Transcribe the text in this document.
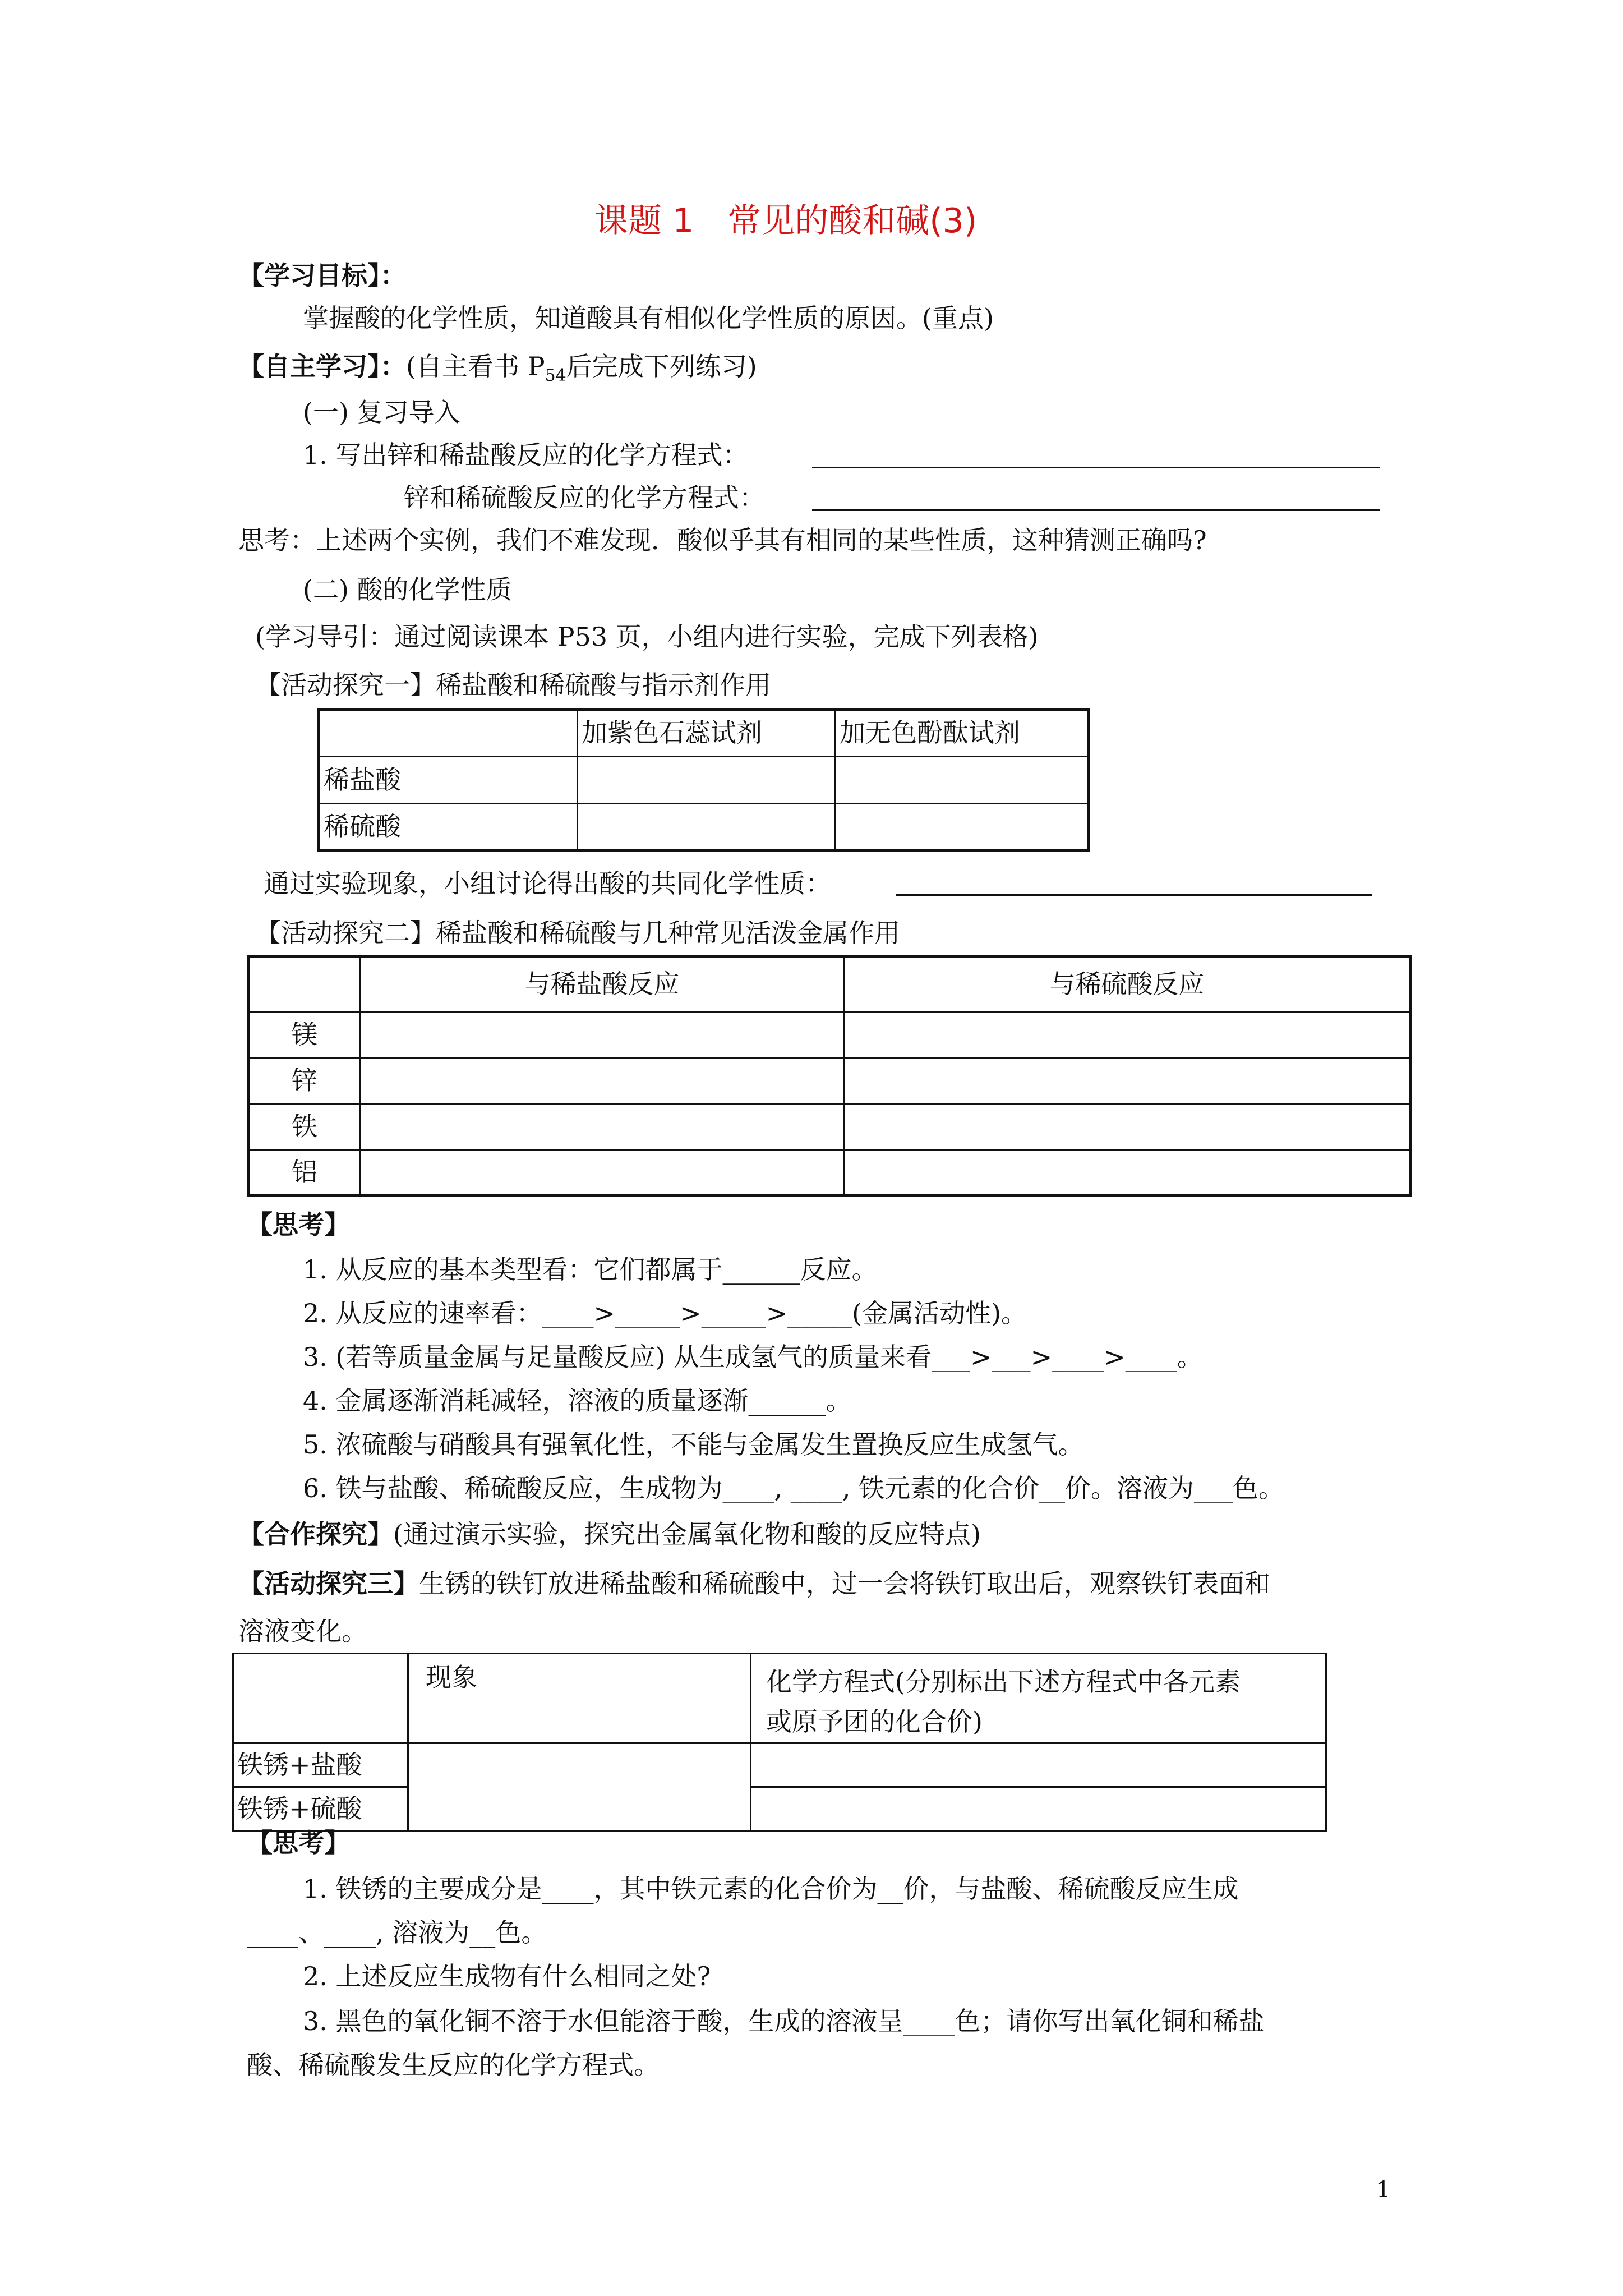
课题 1　常见的酸和碱(3)
【学习目标】：
掌握酸的化学性质，知道酸具有相似化学性质的原因。(重点)
【自主学习】：(自主看书 $P_{54}$后完成下列练习)
(一) 复习导入
1. 写出锌和稀盐酸反应的化学方程式：
锌和稀硫酸反应的化学方程式：
思考：上述两个实例，我们不难发现．酸似乎其有相同的某些性质，这种猜测正确吗?
(二) 酸的化学性质
(学习导引：通过阅读课本 P53 页，小组内进行实验，完成下列表格)
【活动探究一】稀盐酸和稀硫酸与指示剂作用
	加紫色石蕊试剂	加无色酚酞试剂
稀盐酸		
稀硫酸		
通过实验现象，小组讨论得出酸的共同化学性质：
【活动探究二】稀盐酸和稀硫酸与几种常见活泼金属作用
	与稀盐酸反应	与稀硫酸反应
镁		
锌		
铁		
铝		
【思考】
1. 从反应的基本类型看：它们都属于______反应。
2. 从反应的速率看：____>_____>_____>_____(金属活动性)。
3. (若等质量金属与足量酸反应) 从生成氢气的质量来看___>___>____>____。
4. 金属逐渐消耗减轻，溶液的质量逐渐______。
5. 浓硫酸与硝酸具有强氧化性，不能与金属发生置换反应生成氢气。
6. 铁与盐酸、稀硫酸反应，生成物为____, ____, 铁元素的化合价__价。溶液为___色。
【合作探究】(通过演示实验，探究出金属氧化物和酸的反应特点)
【活动探究三】生锈的铁钉放进稀盐酸和稀硫酸中，过一会将铁钉取出后，观察铁钉表面和
溶液变化。
	现象	化学方程式(分别标出下述方程式中各元素
或原予团的化合价)

铁锈+盐酸		
铁锈+硫酸		
【思考】
1. 铁锈的主要成分是____，其中铁元素的化合价为__价，与盐酸、稀硫酸反应生成
____、____, 溶液为__色。
2. 上述反应生成物有什么相同之处?
3. 黑色的氧化铜不溶于水但能溶于酸，生成的溶液呈____色；请你写出氧化铜和稀盐
酸、稀硫酸发生反应的化学方程式。
1
